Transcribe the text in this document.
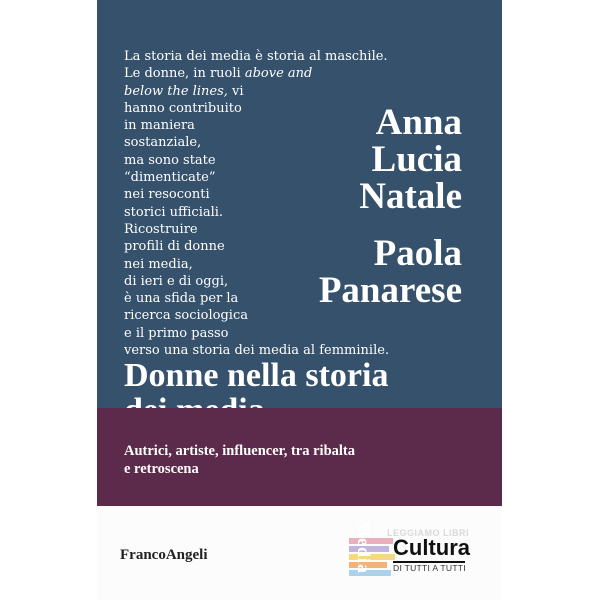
La storia dei media è storia al maschile.
Le donne, in ruoli above and
below the lines, vi
hanno contribuito
in maniera
sostanziale,
ma sono state
“dimenticate”
nei resoconti
storici ufficiali.
Ricostruire
profili di donne
nei media,
di ieri e di oggi,
è una sfida per la
ricerca sociologica
e il primo passo
verso una storia dei media al femminile.
Anna
Lucia
Natale
Paola
Panarese
Donne nella storia
Autrici, artiste, influencer, tra ribalta
e retroscena
FrancoAngeli	Media LEGGIAMO LIBRI
Cultura
DI TUTTI A TUTTI
